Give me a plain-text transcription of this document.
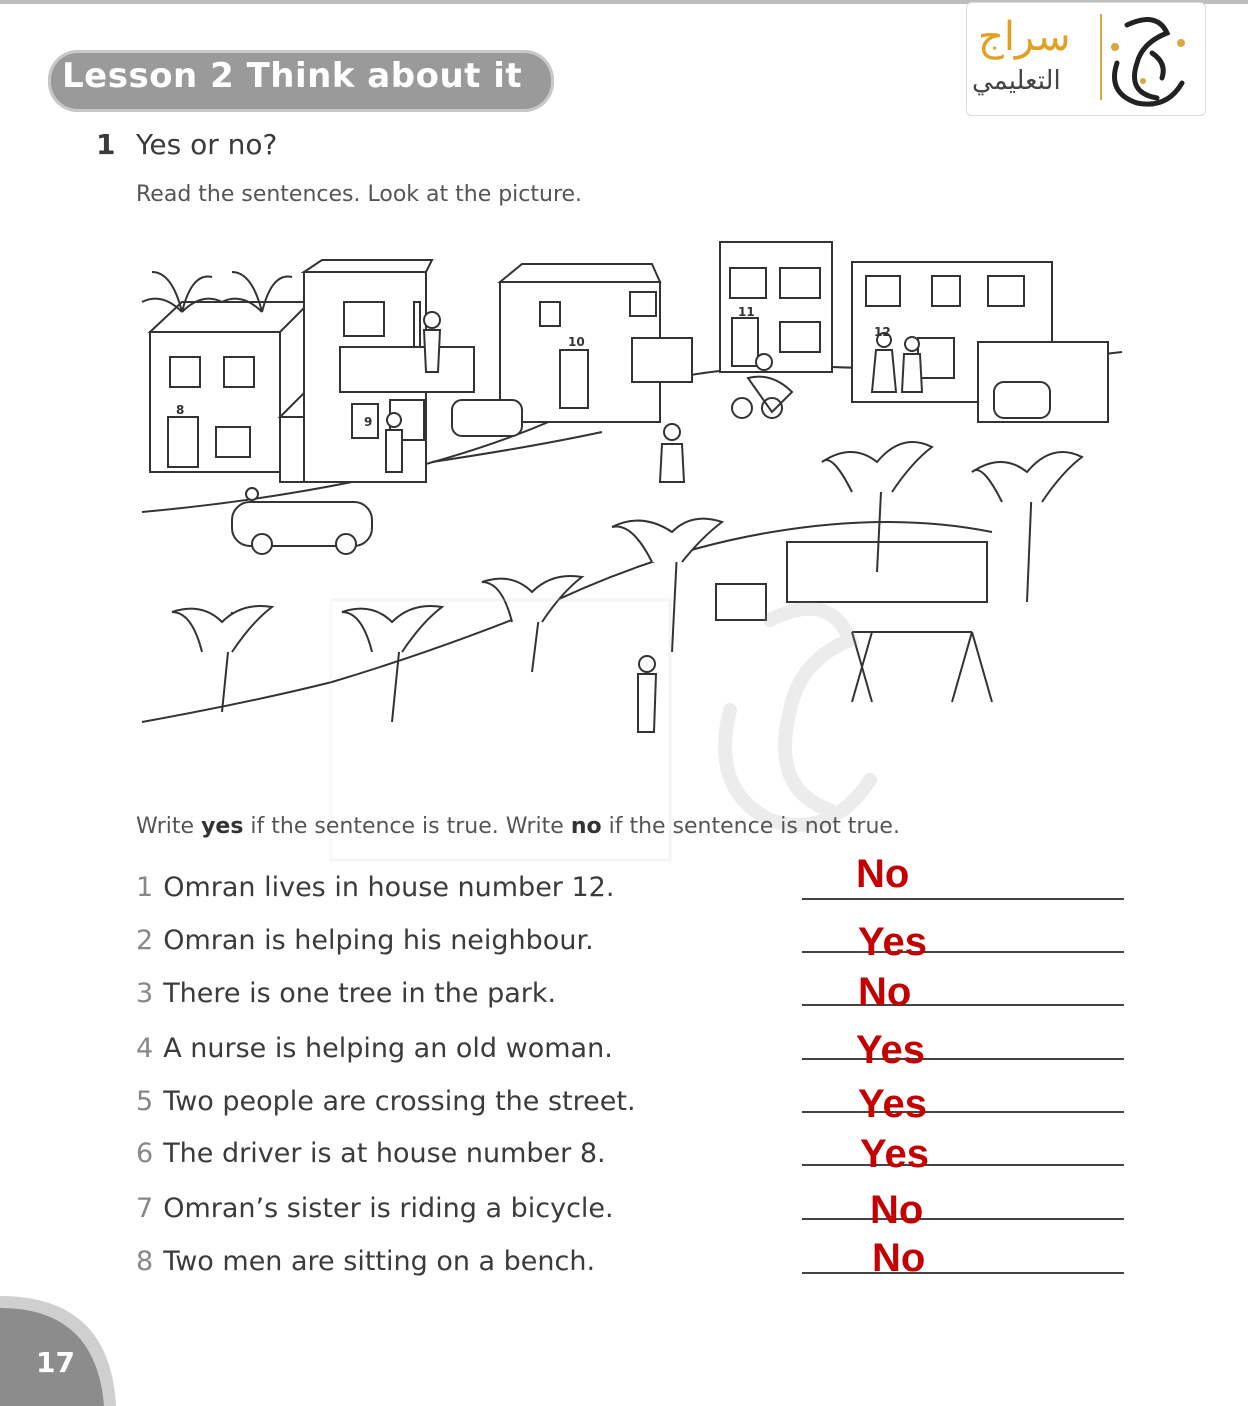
Lesson 2 Think about it
سراج
التعليمي
1 Yes or no?
Read the sentences. Look at the picture.
8
9
10
11
12
Write yes if the sentence is true. Write no if the sentence is not true.
1 Omran lives in house number 12.	No
2 Omran is helping his neighbour.	Yes
3 There is one tree in the park.	No
4 A nurse is helping an old woman.	Yes
5 Two people are crossing the street.	Yes
6 The driver is at house number 8.	Yes
7 Omran’s sister is riding a bicycle.	No
8 Two men are sitting on a bench.	No
17
